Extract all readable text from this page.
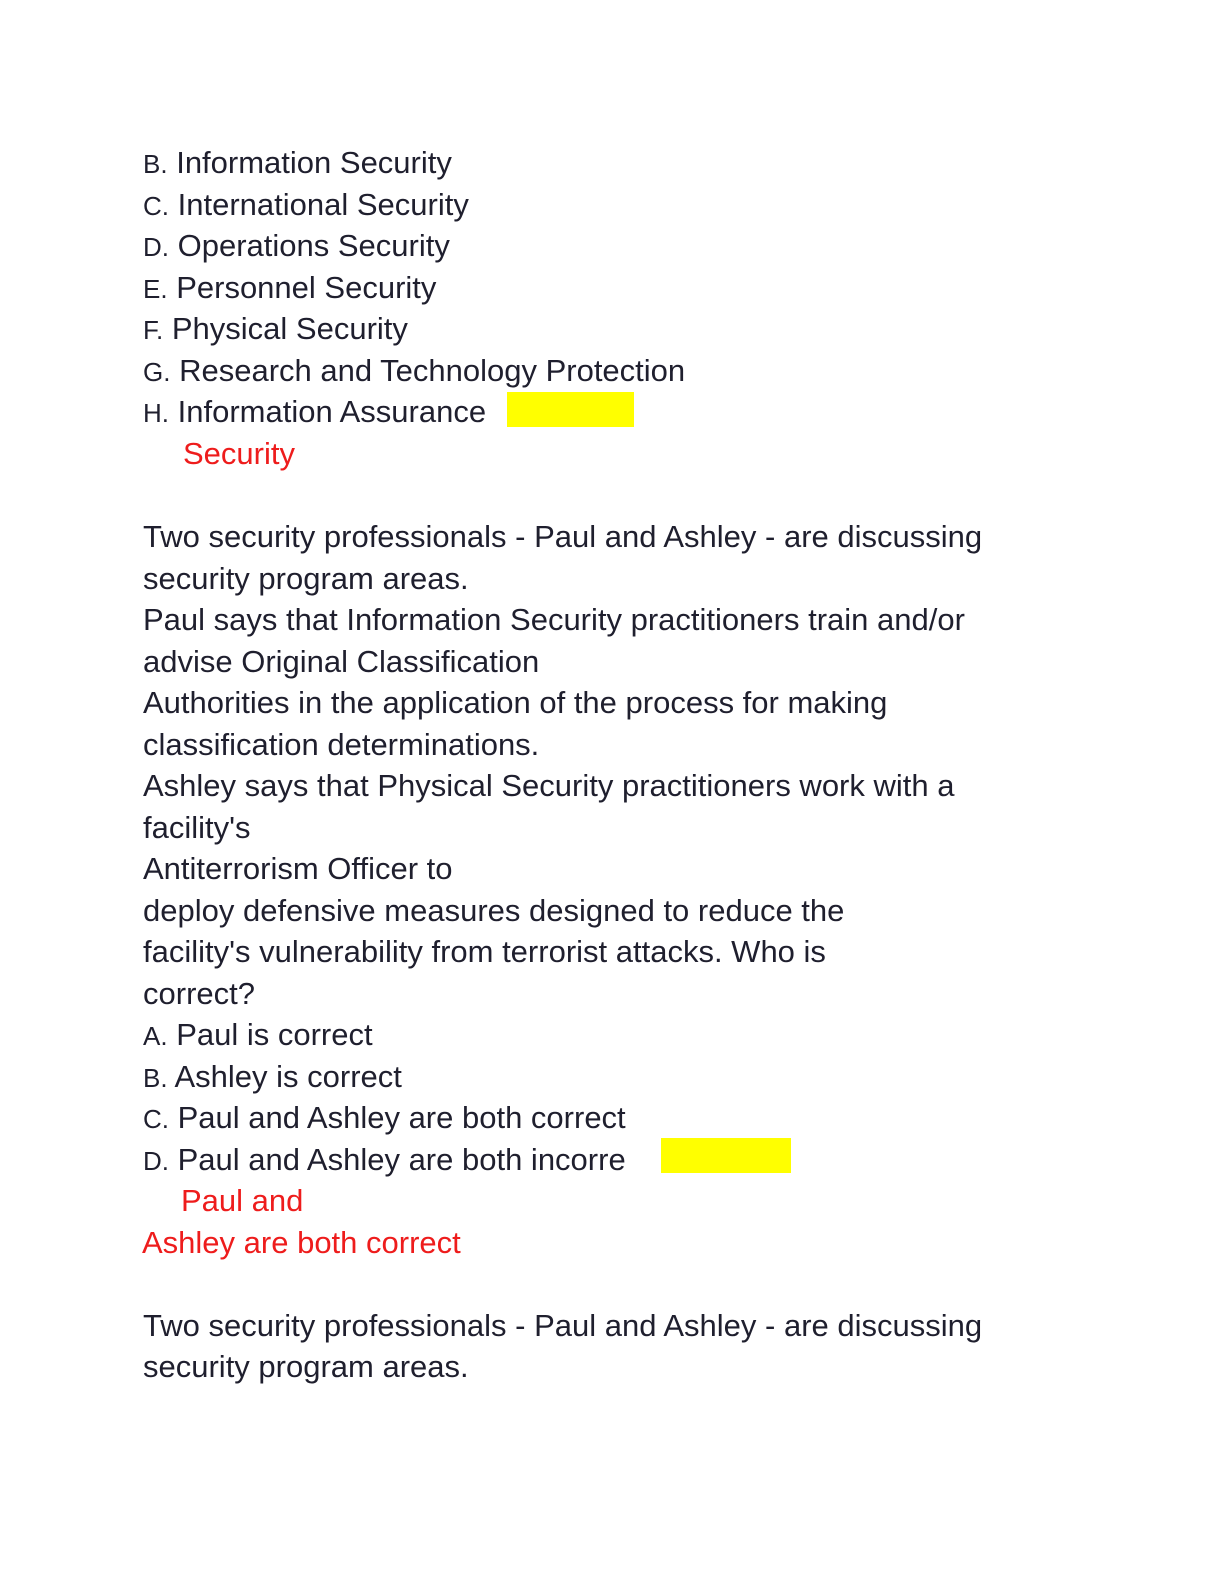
B. Information Security
C. International Security
D. Operations Security
E. Personnel Security
F. Physical Security
G. Research and Technology Protection
H. Information Assurance
Security
Two security professionals - Paul and Ashley - are discussing
security program areas.
Paul says that Information Security practitioners train and/or
advise Original Classification
Authorities in the application of the process for making
classification determinations.
Ashley says that Physical Security practitioners work with a
facility's
Antiterrorism Officer to
deploy defensive measures designed to reduce the
facility's vulnerability from terrorist attacks. Who is
correct?
A. Paul is correct
B. Ashley is correct
C. Paul and Ashley are both correct
D. Paul and Ashley are both incorre
Paul and
Ashley are both correct
Two security professionals - Paul and Ashley - are discussing
security program areas.
